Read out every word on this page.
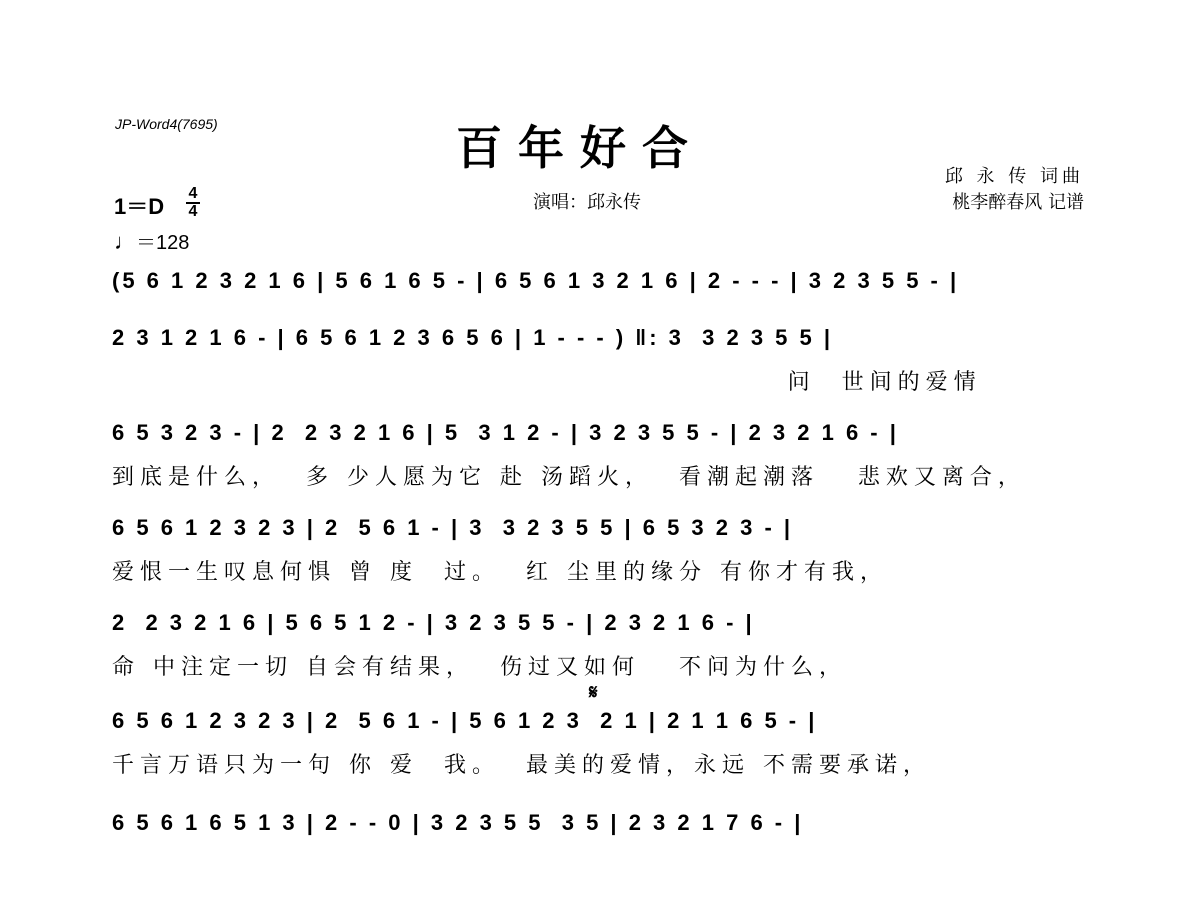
JP-Word4(7695)	百年好合
演唱：邱永传
邱 永 传 词曲
桃李醉春风 记谱
1＝D
4
4
♩＝128
(5 6 1 2 3 2 1 6 | 5 6 1 6 5 - | 6 5 6 1 3 2 1 6 | 2 - - - | 3 2 3 5 5 - |
2 3 1 2 1 6 - | 6 5 6 1 2 3 6 5 6 | 1 - - - ) ‖: 3  3 2 3 5 5 |
问  世间的爱情
6 5 3 2 3 - | 2  2 3 2 1 6 | 5  3 1 2 - | 3 2 3 5 5 - | 2 3 2 1 6 - |
到底是什么，  多 少人愿为它 赴 汤蹈火，  看潮起潮落   悲欢又离合，
6 5 6 1 2 3 2 3 | 2  5 6 1 - | 3  3 2 3 5 5 | 6 5 3 2 3 - |
爱恨一生叹息何惧 曾 度  过。  红 尘里的缘分 有你才有我，
2  2 3 2 1 6 | 5 6 5 1 2 - | 3 2 3 5 5 - | 2 3 2 1 6 - |
命 中注定一切 自会有结果，  伤过又如何   不问为什么，
𝄋
6 5 6 1 2 3 2 3 | 2  5 6 1 - | 5 6 1 2 3  2 1 | 2 1 1 6 5 - |
千言万语只为一句 你 爱  我。  最美的爱情，永远 不需要承诺，
6 5 6 1 6 5 1 3 | 2 - - 0 | 3 2 3 5 5  3 5 | 2 3 2 1 7 6 - |
